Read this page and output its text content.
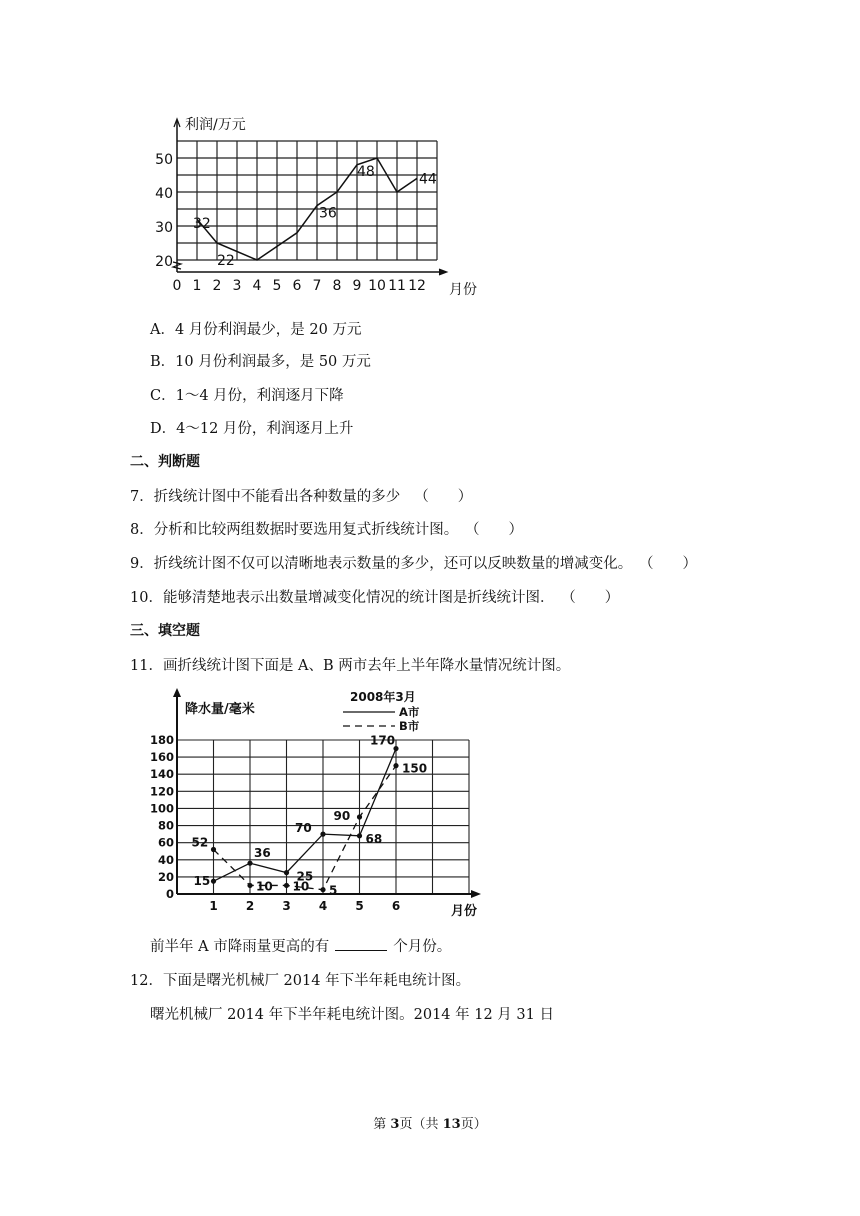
利润/万元
20
30
40
50
0 1 2 3 4 5 6 7 8 9 10 11 12 月份
32
22
36
48	44
A．4 月份利润最少，是 20 万元
B．10 月份利润最多，是 50 万元
C．1～4 月份，利润逐月下降
D．4～12 月份，利润逐月上升
二、判断题
7．折线统计图中不能看出各种数量的多少 （　　）
8．分析和比较两组数据时要选用复式折线统计图。 （　　）
9．折线统计图不仅可以清晰地表示数量的多少，还可以反映数量的增减变化。 （　　）
10．能够清楚地表示出数量增减变化情况的统计图是折线统计图． （　　）
三、填空题
11．画折线统计图下面是 A、B 两市去年上半年降水量情况统计图。
降水量/毫米
月份
0
20
40
60
80
100
120
140
160
180
1 2 3 4 5 6
2008年3月
A市
B市
15
36
25
70
68
170
52
10 10 5
90
150
前半年 A 市降雨量更高的有	个月份。
12．下面是曙光机械厂 2014 年下半年耗电统计图。
曙光机械厂 2014 年下半年耗电统计图。2014 年 12 月 31 日
第 3页（共 13页）
